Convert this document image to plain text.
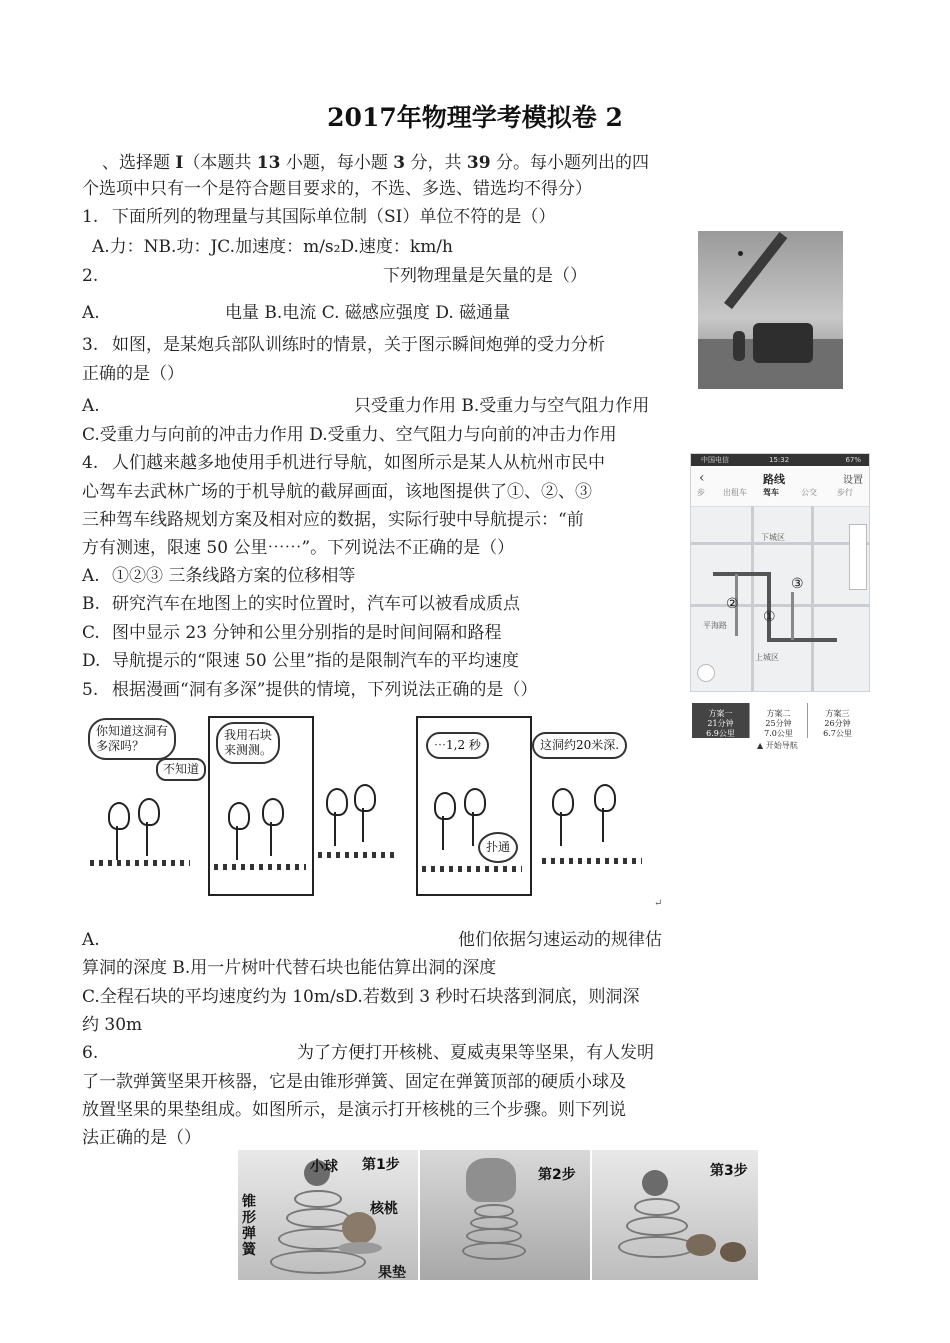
2017年物理学考模拟卷 2
、选择题 I（本题共 13 小题，每小题 3 分，共 39 分。每小题列出的四
个选项中只有一个是符合题目要求的，不选、多选、错选均不得分）
1. 下面所列的物理量与其国际单位制（SI）单位不符的是（）
A.力：NB.功：JC.加速度：m/s₂D.速度：km/h
2.	下列物理量是矢量的是（）
A.	电量 B.电流 C. 磁感应强度 D. 磁通量
3. 如图，是某炮兵部队训练时的情景，关于图示瞬间炮弹的受力分析
正确的是（）
A.	只受重力作用 B.受重力与空气阻力作用
C.受重力与向前的冲击力作用 D.受重力、空气阻力与向前的冲击力作用
中国电信	15:32	67%
‹	路线	设置
步 出租车 驾车	公交	步行
下城区
平海路
上城区
③
②
①
方案一
21分钟
6.9公里
方案二
25分钟
7.0公里
方案三
26分钟
6.7公里
▲ 开始导航
4. 人们越来越多地使用手机进行导航，如图所示是某人从杭州市民中
心驾车去武林广场的于机导航的截屏画面，该地图提供了①、②、③
三种驾车线路规划方案及相对应的数据，实际行驶中导航提示：“前
方有测速，限速 50 公里⋯⋯”。下列说法不正确的是（）
A. ①②③ 三条线路方案的位移相等
B. 研究汽车在地图上的实时位置时，汽车可以被看成质点
C. 图中显示 23 分钟和公里分别指的是时间间隔和路程
D. 导航提示的“限速 50 公里”指的是限制汽车的平均速度
5. 根据漫画“洞有多深”提供的情境，下列说法正确的是（）
你知道这洞有
多深吗？
不知道
我用石块
来测测。	⋯1,2 秒
扑通
这洞约20米深.
↵
A.	他们依据匀速运动的规律估
算洞的深度 B.用一片树叶代替石块也能估算出洞的深度
C.全程石块的平均速度约为 10m/sD.若数到 3 秒时石块落到洞底，则洞深
约 30m
6.	为了方便打开核桃、夏威夷果等坚果，有人发明
了一款弹簧坚果开核器，它是由锥形弹簧、固定在弹簧顶部的硬质小球及
放置坚果的果垫组成。如图所示，是演示打开核桃的三个步骤。则下列说
法正确的是（）
小球 第1步
锥
形
弹
簧
核桃
果垫
第2步	第3步
